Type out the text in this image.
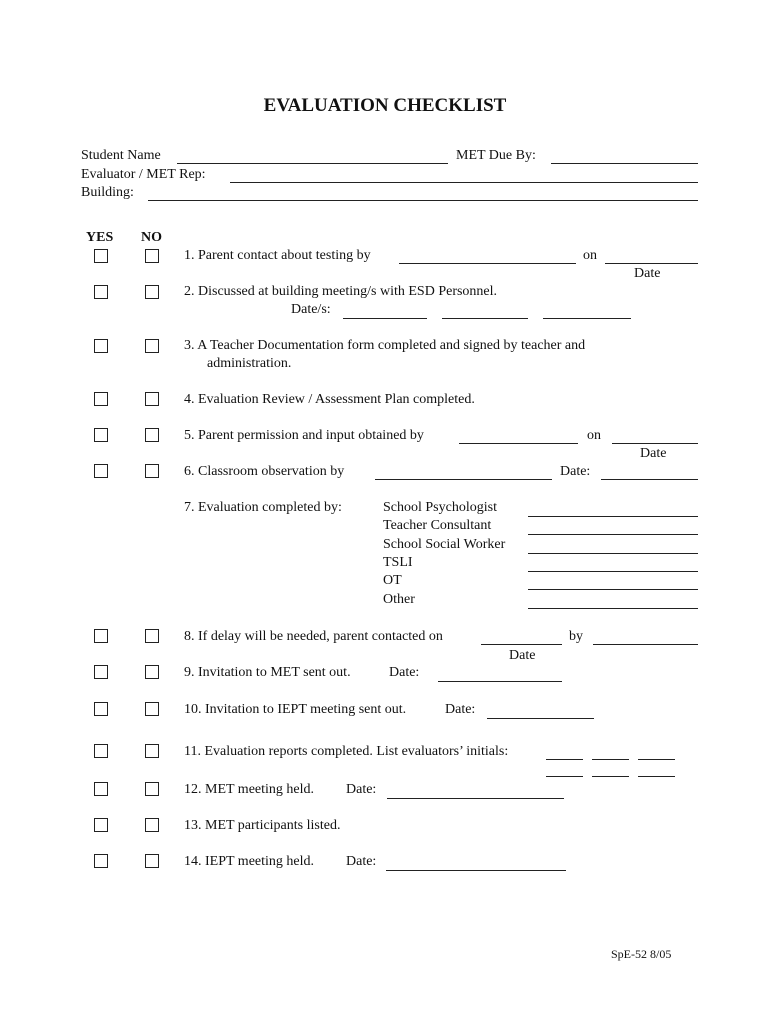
EVALUATION CHECKLIST
Student Name	MET Due By:
Evaluator / MET Rep:
Building:
YES NO
1. Parent contact about testing by	on
Date
2. Discussed at building meeting/s with ESD Personnel.
Date/s:
3. A Teacher Documentation form completed and signed by teacher and
administration.
4. Evaluation Review / Assessment Plan completed.
5. Parent permission and input obtained by	on
Date
6. Classroom observation by	Date:
7. Evaluation completed by:	School Psychologist
Teacher Consultant
School Social Worker
TSLI
OT
Other
8. If delay will be needed, parent contacted on	by
Date
9. Invitation to MET sent out.	Date:
10. Invitation to IEPT meeting sent out.	Date:
11. Evaluation reports completed. List evaluators’ initials:
12. MET meeting held. Date:
13. MET participants listed.
14. IEPT meeting held. Date:
SpE-52 8/05
